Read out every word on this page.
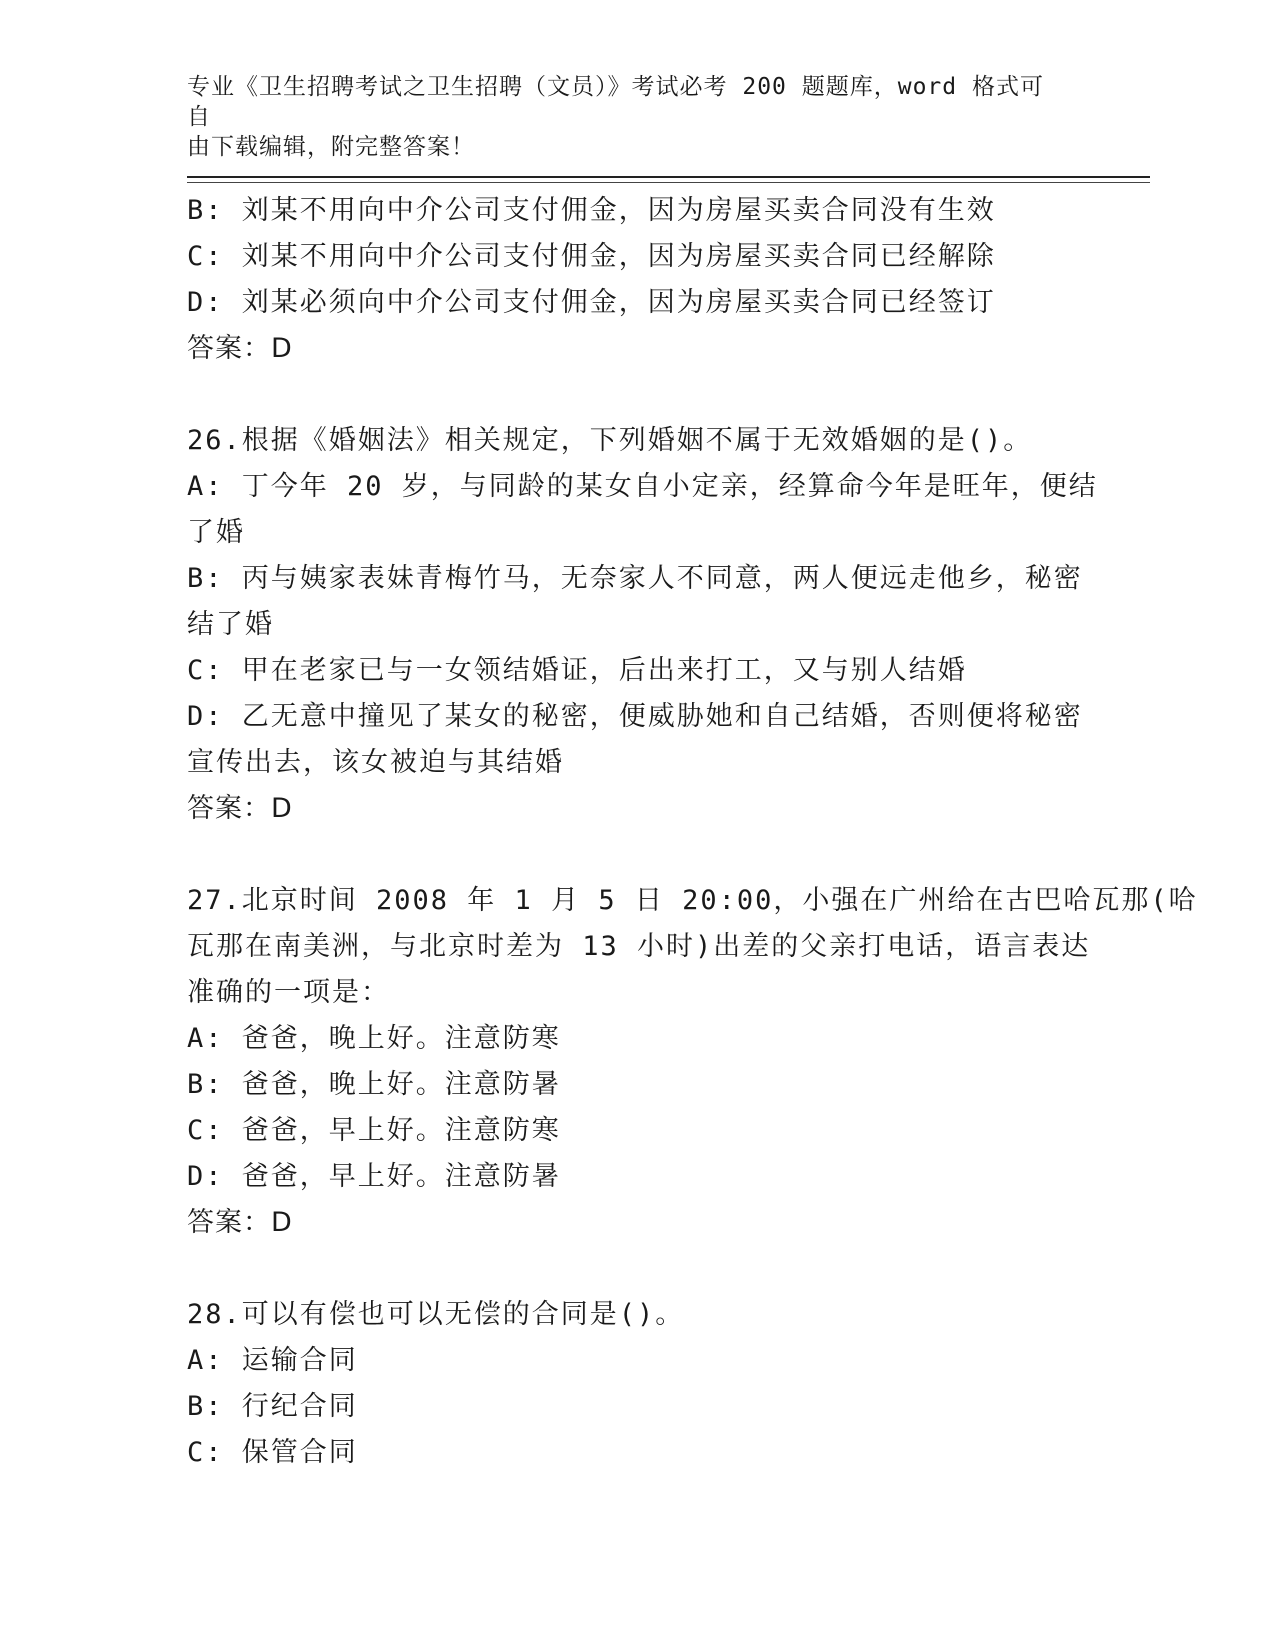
专业《卫生招聘考试之卫生招聘（文员）》考试必考 200 题题库，word 格式可自
由下载编辑，附完整答案！
B: 刘某不用向中介公司支付佣金，因为房屋买卖合同没有生效
C: 刘某不用向中介公司支付佣金，因为房屋买卖合同已经解除
D: 刘某必须向中介公司支付佣金，因为房屋买卖合同已经签订
答案：D
26.根据《婚姻法》相关规定，下列婚姻不属于无效婚姻的是()。
A: 丁今年 20 岁，与同龄的某女自小定亲，经算命今年是旺年，便结
了婚
B: 丙与姨家表妹青梅竹马，无奈家人不同意，两人便远走他乡，秘密
结了婚
C: 甲在老家已与一女领结婚证，后出来打工，又与别人结婚
D: 乙无意中撞见了某女的秘密，便威胁她和自己结婚，否则便将秘密
宣传出去，该女被迫与其结婚
答案：D
27.北京时间 2008 年 1 月 5 日 20:00，小强在广州给在古巴哈瓦那(哈
瓦那在南美洲，与北京时差为 13 小时)出差的父亲打电话，语言表达
准确的一项是：
A: 爸爸，晚上好。注意防寒
B: 爸爸，晚上好。注意防暑
C: 爸爸，早上好。注意防寒
D: 爸爸，早上好。注意防暑
答案：D
28.可以有偿也可以无偿的合同是()。
A: 运输合同
B: 行纪合同
C: 保管合同
